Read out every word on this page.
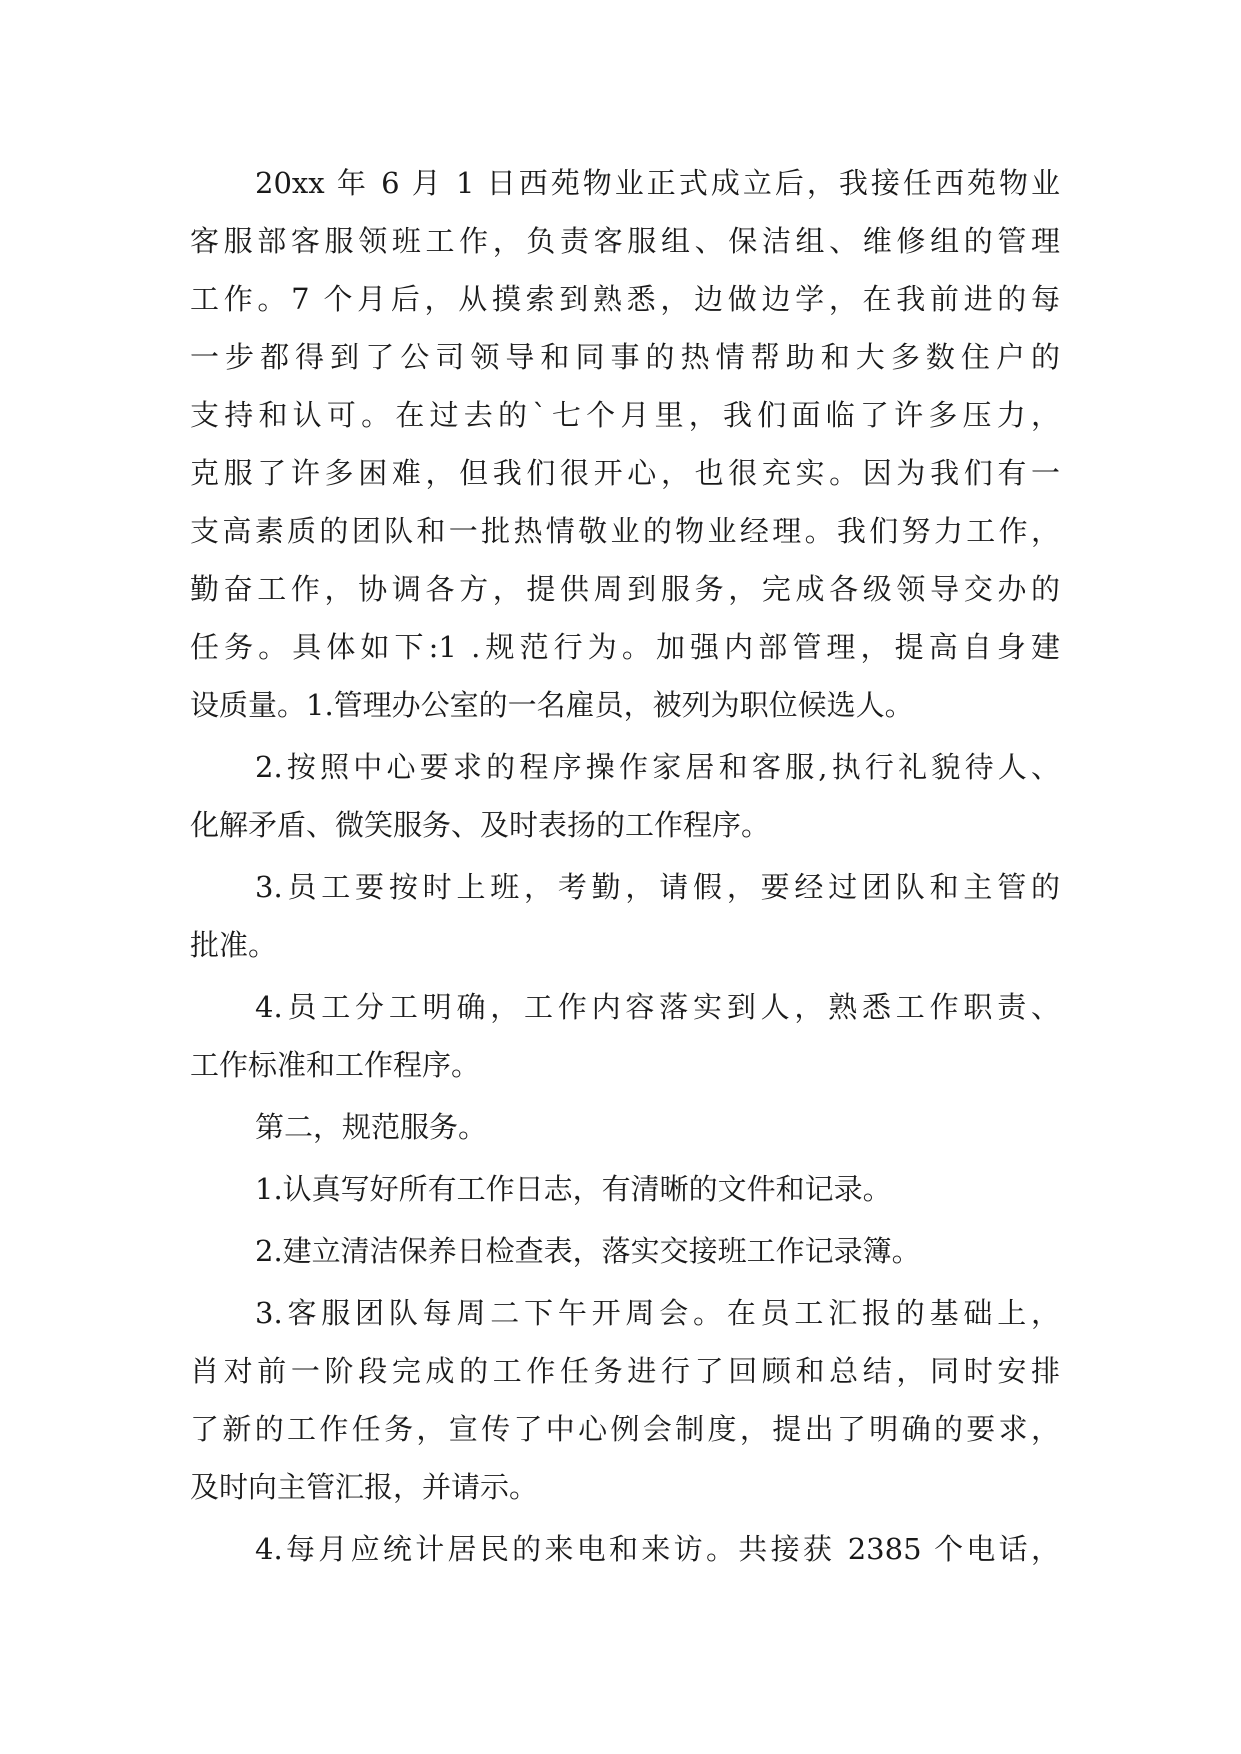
20xx 年 6 月 1 日西苑物业正式成立后，我接任西苑物业
客服部客服领班工作，负责客服组、保洁组、维修组的管理
工作。7 个月后，从摸索到熟悉，边做边学，在我前进的每
一步都得到了公司领导和同事的热情帮助和大多数住户的
支持和认可。在过去的`七个月里，我们面临了许多压力，
克服了许多困难，但我们很开心，也很充实。因为我们有一
支高素质的团队和一批热情敬业的物业经理。我们努力工作，
勤奋工作，协调各方，提供周到服务，完成各级领导交办的
任务。具体如下:1 .规范行为。加强内部管理，提高自身建
设质量。1.管理办公室的一名雇员，被列为职位候选人。
2.按照中心要求的程序操作家居和客服,执行礼貌待人、
化解矛盾、微笑服务、及时表扬的工作程序。
3.员工要按时上班，考勤，请假，要经过团队和主管的
批准。
4.员工分工明确，工作内容落实到人，熟悉工作职责、
工作标准和工作程序。
第二，规范服务。
1.认真写好所有工作日志，有清晰的文件和记录。
2.建立清洁保养日检查表，落实交接班工作记录簿。
3.客服团队每周二下午开周会。在员工汇报的基础上，
肖对前一阶段完成的工作任务进行了回顾和总结，同时安排
了新的工作任务，宣传了中心例会制度，提出了明确的要求，
及时向主管汇报，并请示。
4.每月应统计居民的来电和来访。共接获 2385 个电话，
